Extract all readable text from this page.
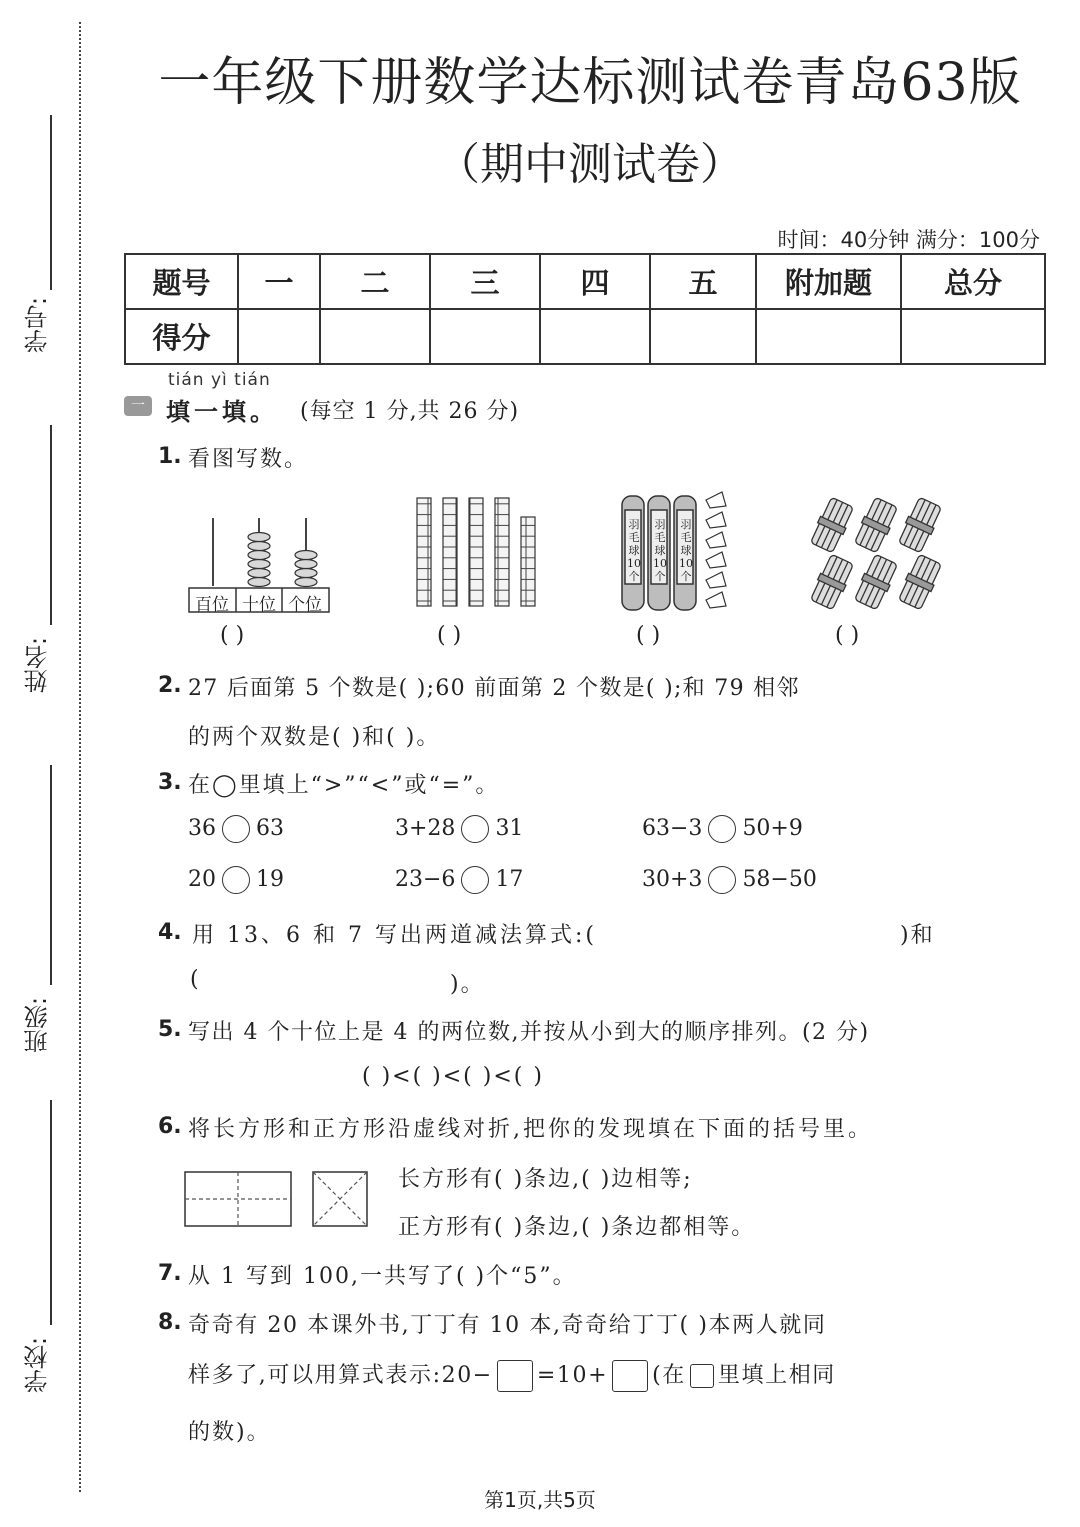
学号:
姓名:
班级:
学校:
一年级下册数学达标测试卷青岛63版
（期中测试卷）
时间：40分钟 满分：100分
题号	一	二	三	四	五	附加题	总分
得分							
tián yì tián
一 填一填。 (每空 1 分,共 26 分)
1. 看图写数。
百位 十位 个位
羽毛球10个
羽毛球10个
羽毛球10个
( )	( )	( )	( )
2. 27 后面第 5 个数是( );60 前面第 2 个数是( );和 79 相邻
的两个双数是( )和( )。
3. 在◯里填上“>”“<”或“=”。
36 63	3+28 31	63−3 50+9
20 19	23−6 17	30+3 58−50
4. 用 13、6 和 7 写出两道减法算式:(	)和
(	)。
5. 写出 4 个十位上是 4 的两位数,并按从小到大的顺序排列。(2 分)
( )<( )<( )<( )
6. 将长方形和正方形沿虚线对折,把你的发现填在下面的括号里。
长方形有( )条边,( )边相等;
正方形有( )条边,( )条边都相等。
7. 从 1 写到 100,一共写了( )个“5”。
8. 奇奇有 20 本课外书,丁丁有 10 本,奇奇给丁丁( )本两人就同
样多了,可以用算式表示:20− =10+ (在 里填上相同
的数)。
第1页,共5页
